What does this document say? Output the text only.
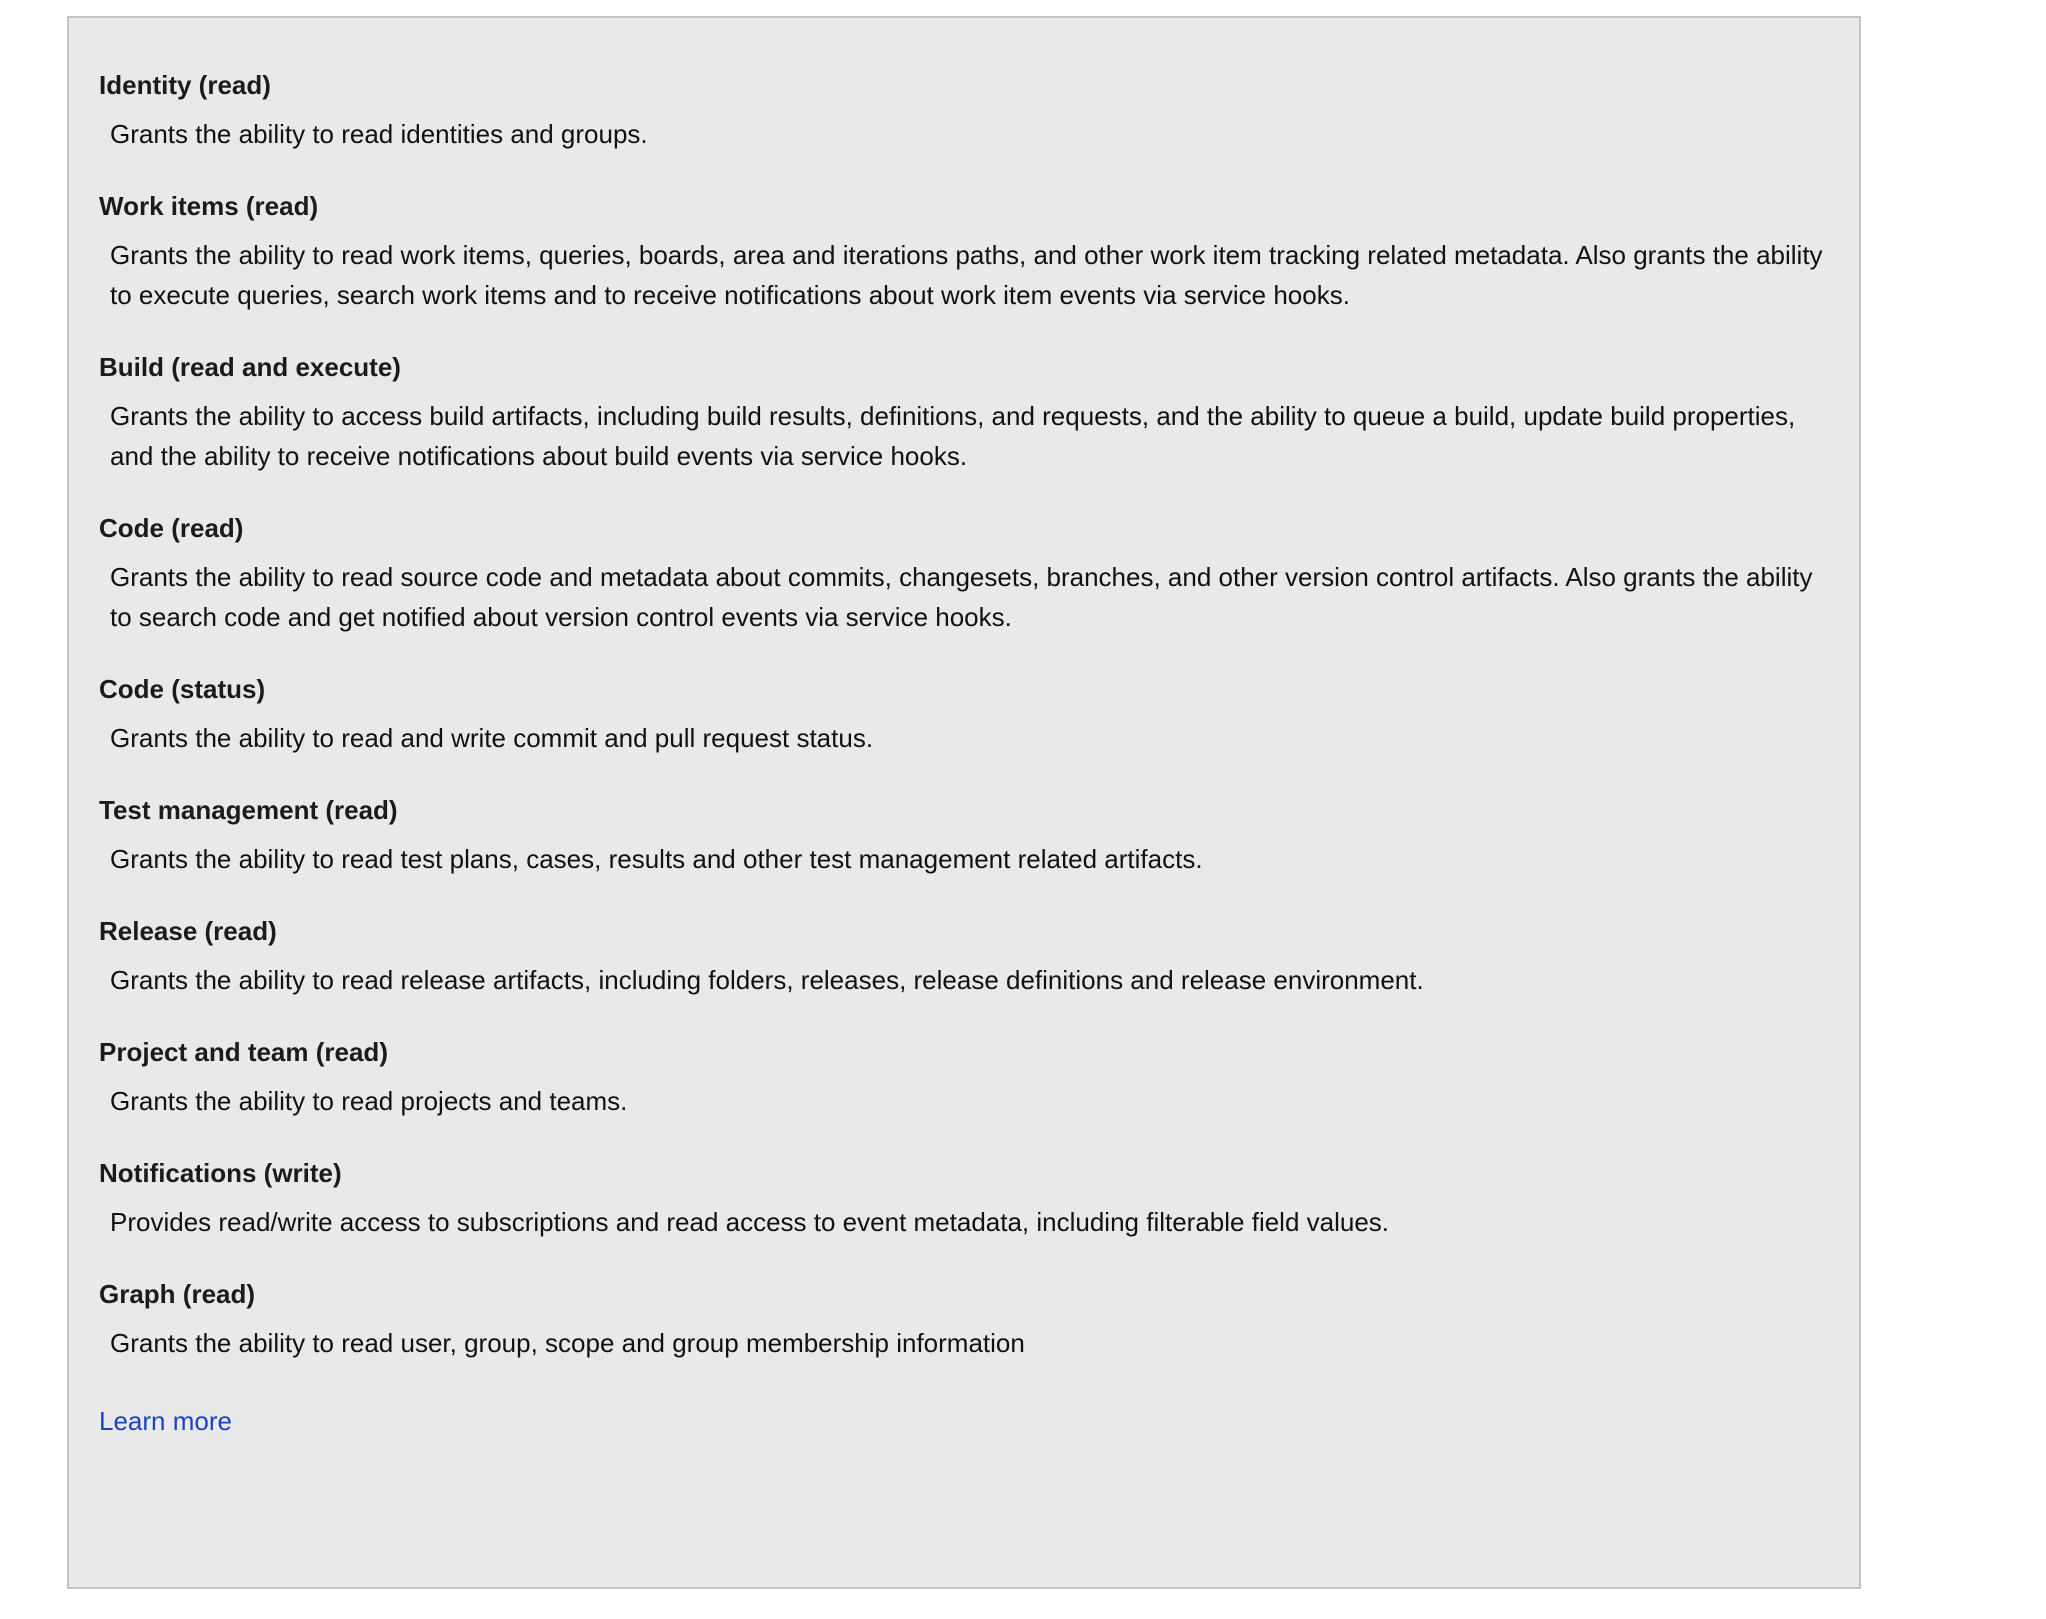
Identity (read)
Grants the ability to read identities and groups.
Work items (read)
Grants the ability to read work items, queries, boards, area and iterations paths, and other work item tracking related metadata. Also grants the ability to execute queries, search work items and to receive notifications about work item events via service hooks.
Build (read and execute)
Grants the ability to access build artifacts, including build results, definitions, and requests, and the ability to queue a build, update build properties, and the ability to receive notifications about build events via service hooks.
Code (read)
Grants the ability to read source code and metadata about commits, changesets, branches, and other version control artifacts. Also grants the ability to search code and get notified about version control events via service hooks.
Code (status)
Grants the ability to read and write commit and pull request status.
Test management (read)
Grants the ability to read test plans, cases, results and other test management related artifacts.
Release (read)
Grants the ability to read release artifacts, including folders, releases, release definitions and release environment.
Project and team (read)
Grants the ability to read projects and teams.
Notifications (write)
Provides read/write access to subscriptions and read access to event metadata, including filterable field values.
Graph (read)
Grants the ability to read user, group, scope and group membership information
Learn more
